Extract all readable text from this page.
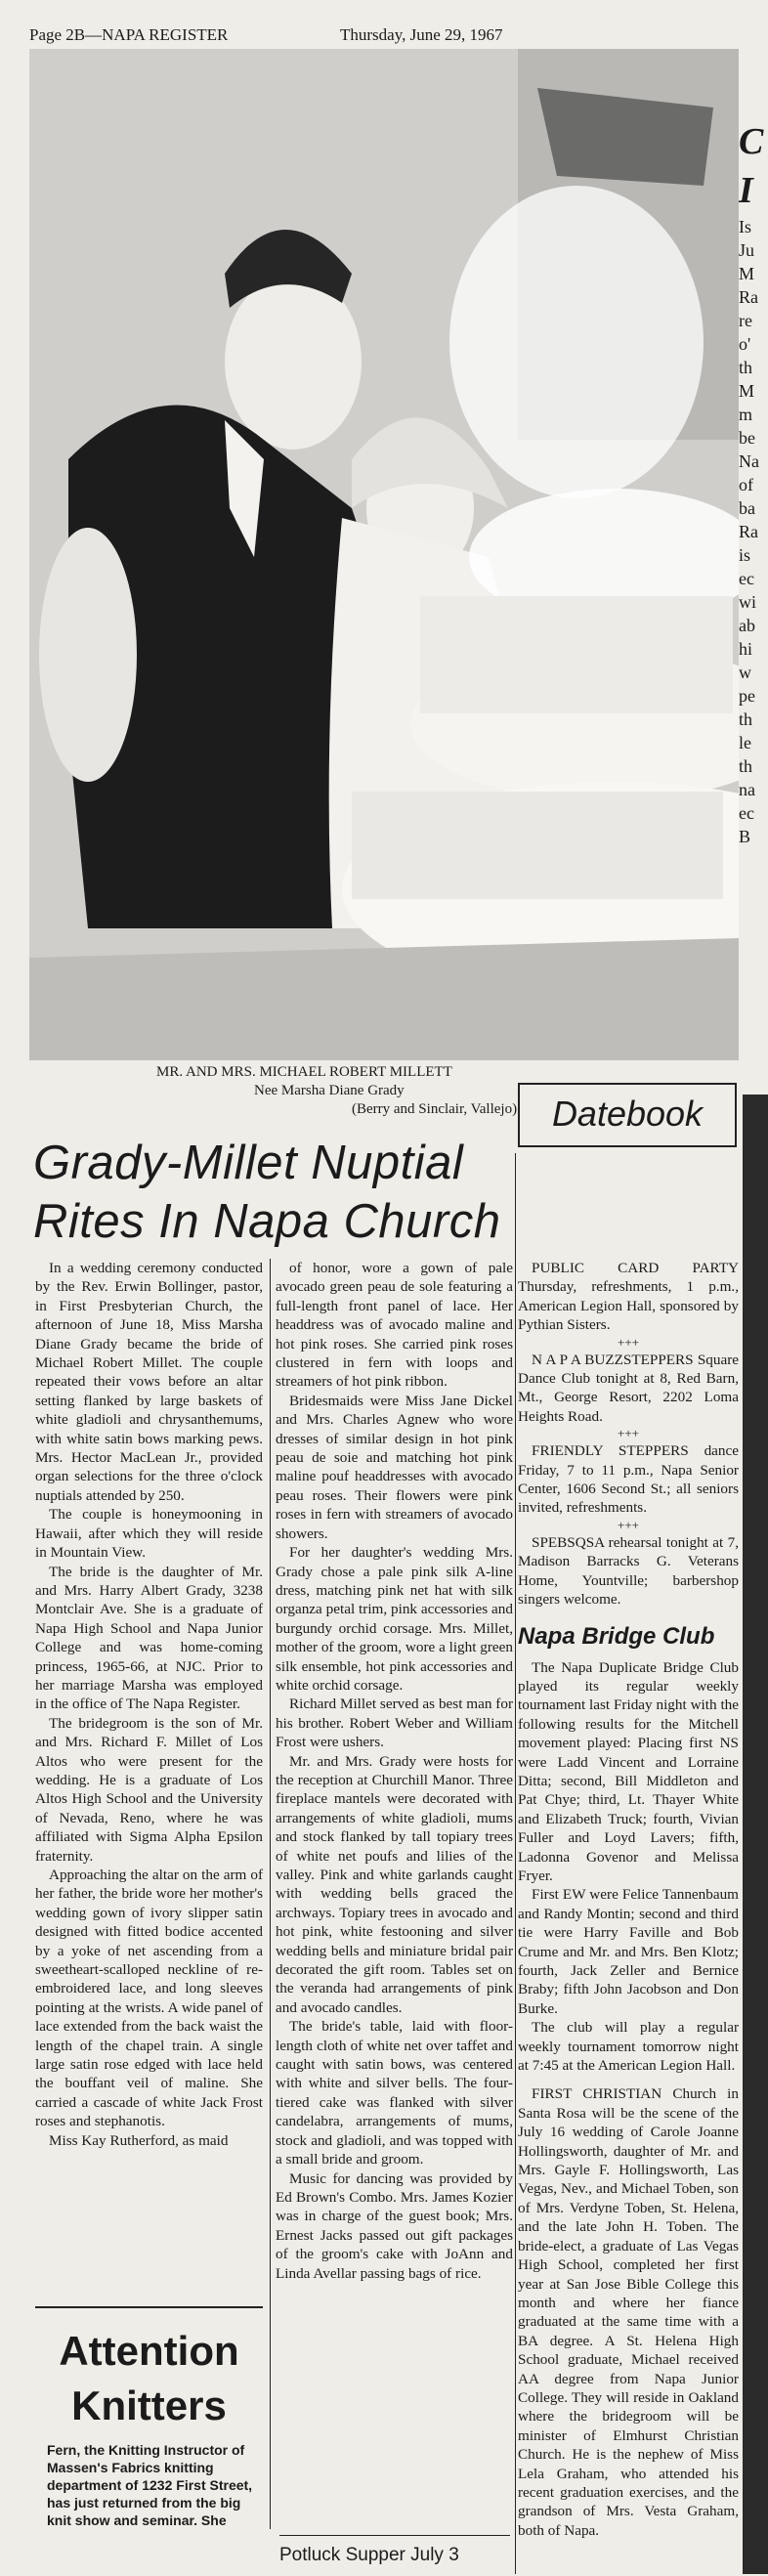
Page 2B—NAPA REGISTER	Thursday, June 29, 1967
C
I
Is
Ju
M
Ra
re
o'
th
M
m
be
Na
of
ba
Ra
is
ec
wi
ab
hi
w
pe
th
le
th
na
ec
B
MR. AND MRS. MICHAEL ROBERT MILLETT
Nee Marsha Diane Grady
(Berry and Sinclair, Vallejo)
Grady-Millet Nuptial Rites In Napa Church

In a wedding ceremony conducted by the Rev. Erwin Bollinger, pastor, in First Presbyterian Church, the afternoon of June 18, Miss Marsha Diane Grady became the bride of Michael Robert Millet. The couple repeated their vows before an altar setting flanked by large baskets of white gladioli and chrysanthemums, with white satin bows marking pews. Mrs. Hector MacLean Jr., provided organ selections for the three o'clock nuptials attended by 250.

The couple is honeymooning in Hawaii, after which they will reside in Mountain View.

The bride is the daughter of Mr. and Mrs. Harry Albert Grady, 3238 Montclair Ave. She is a graduate of Napa High School and Napa Junior College and was home-coming princess, 1965-66, at NJC. Prior to her marriage Marsha was employed in the office of The Napa Register.

The bridegroom is the son of Mr. and Mrs. Richard F. Millet of Los Altos who were present for the wedding. He is a graduate of Los Altos High School and the University of Nevada, Reno, where he was affiliated with Sigma Alpha Epsilon fraternity.

Approaching the altar on the arm of her father, the bride wore her mother's wedding gown of ivory slipper satin designed with fitted bodice accented by a yoke of net ascending from a sweetheart-scalloped neckline of re-embroidered lace, and long sleeves pointing at the wrists. A wide panel of lace extended from the back waist the length of the chapel train. A single large satin rose edged with lace held the bouffant veil of maline. She carried a cascade of white Jack Frost roses and stephanotis.

Miss Kay Rutherford, as maid

of honor, wore a gown of pale avocado green peau de sole featuring a full-length front panel of lace. Her headdress was of avocado maline and hot pink roses. She carried pink roses clustered in fern with loops and streamers of hot pink ribbon.

Bridesmaids were Miss Jane Dickel and Mrs. Charles Agnew who wore dresses of similar design in hot pink peau de soie and matching hot pink maline pouf headdresses with avocado peau roses. Their flowers were pink roses in fern with streamers of avocado showers.

For her daughter's wedding Mrs. Grady chose a pale pink silk A-line dress, matching pink net hat with silk organza petal trim, pink accessories and burgundy orchid corsage. Mrs. Millet, mother of the groom, wore a light green silk ensemble, hot pink accessories and white orchid corsage.

Richard Millet served as best man for his brother. Robert Weber and William Frost were ushers.

Mr. and Mrs. Grady were hosts for the reception at Churchill Manor. Three fireplace mantels were decorated with arrangements of white gladioli, mums and stock flanked by tall topiary trees of white net poufs and lilies of the valley. Pink and white garlands caught with wedding bells graced the archways. Topiary trees in avocado and hot pink, white festooning and silver wedding bells and miniature bridal pair decorated the gift room. Tables set on the veranda had arrangements of pink and avocado candles.

The bride's table, laid with floor-length cloth of white net over taffet and caught with satin bows, was centered with white and silver bells. The four-tiered cake was flanked with silver candelabra, arrangements of mums, stock and gladioli, and was topped with a small bride and groom.

Music for dancing was provided by Ed Brown's Combo. Mrs. James Kozier was in charge of the guest book; Mrs. Ernest Jacks passed out gift packages of the groom's cake with JoAnn and Linda Avellar passing bags of rice.

Datebook

PUBLIC CARD PARTY Thursday, refreshments, 1 p.m., American Legion Hall, sponsored by Pythian Sisters.

+++

N A P A BUZZSTEPPERS Square Dance Club tonight at 8, Red Barn, Mt., George Resort, 2202 Loma Heights Road.

+++

FRIENDLY STEPPERS dance Friday, 7 to 11 p.m., Napa Senior Center, 1606 Second St.; all seniors invited, refreshments.

+++

SPEBSQSA rehearsal tonight at 7, Madison Barracks G. Veterans Home, Yountville; barbershop singers welcome.

Napa Bridge Club

The Napa Duplicate Bridge Club played its regular weekly tournament last Friday night with the following results for the Mitchell movement played: Placing first NS were Ladd Vincent and Lorraine Ditta; second, Bill Middleton and Pat Chye; third, Lt. Thayer White and Elizabeth Truck; fourth, Vivian Fuller and Loyd Lavers; fifth, Ladonna Govenor and Melissa Fryer.

First EW were Felice Tannenbaum and Randy Montin; second and third tie were Harry Faville and Bob Crume and Mr. and Mrs. Ben Klotz; fourth, Jack Zeller and Bernice Braby; fifth John Jacobson and Don Burke.

The club will play a regular weekly tournament tomorrow night at 7:45 at the American Legion Hall.

FIRST CHRISTIAN Church in Santa Rosa will be the scene of the July 16 wedding of Carole Joanne Hollingsworth, daughter of Mr. and Mrs. Gayle F. Hollingsworth, Las Vegas, Nev., and Michael Toben, son of Mrs. Verdyne Toben, St. Helena, and the late John H. Toben. The bride-elect, a graduate of Las Vegas High School, completed her first year at San Jose Bible College this month and where her fiance graduated at the same time with a BA degree. A St. Helena High School graduate, Michael received AA degree from Napa Junior College. They will reside in Oakland where the bridegroom will be minister of Elmhurst Christian Church. He is the nephew of Miss Lela Graham, who attended his recent graduation exercises, and the grandson of Mrs. Vesta Graham, both of Napa.

Attention
Knitters
Fern, the Knitting Instructor of Massen's Fabrics knitting department of 1232 First Street, has just returned from the big knit show and seminar. She
Potluck Supper July 3
